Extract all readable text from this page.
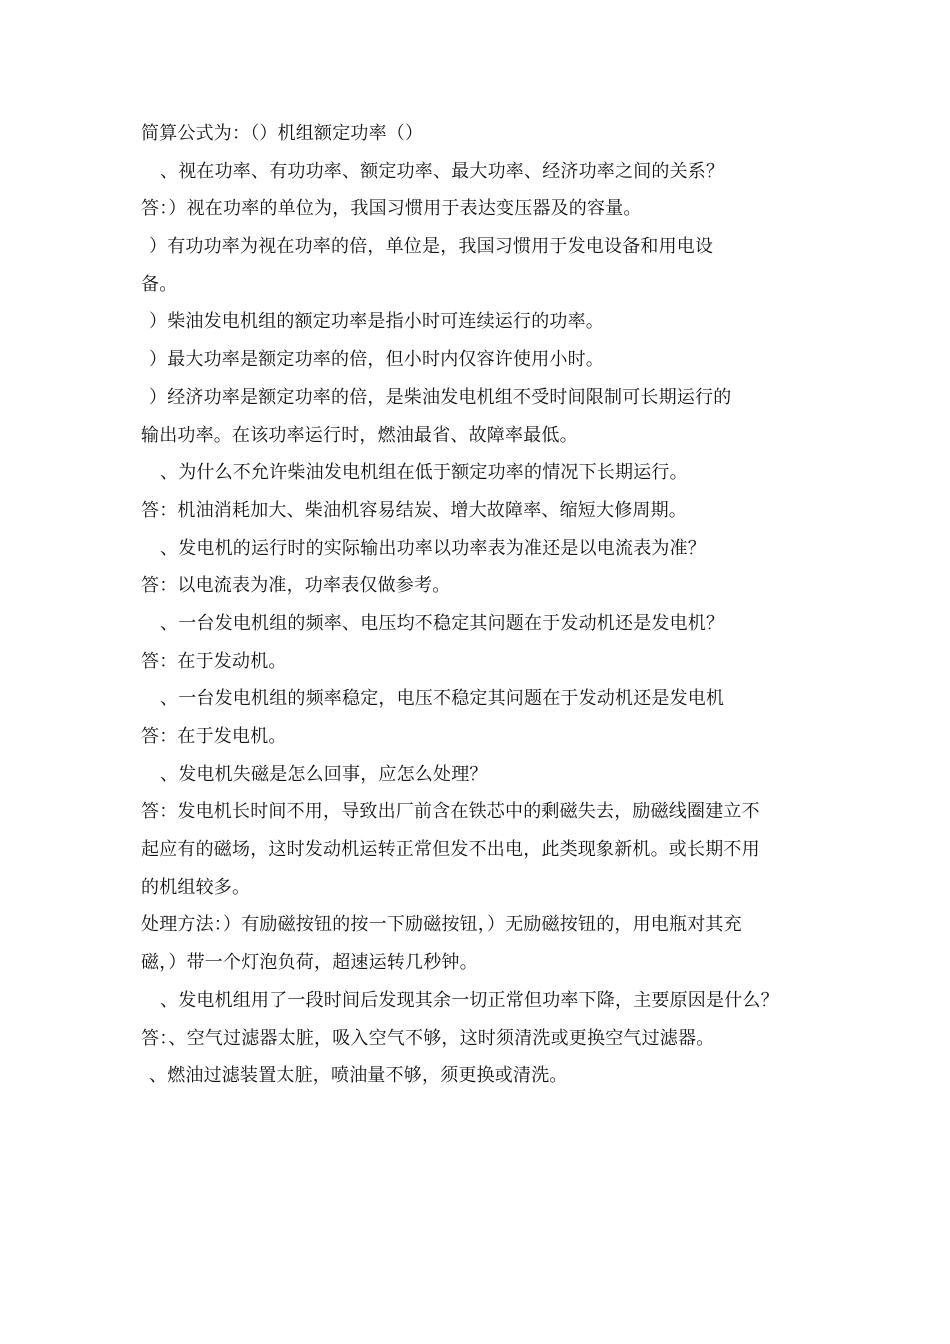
简算公式为：（）机组额定功率（）
、视在功率、有功功率、额定功率、最大功率、经济功率之间的关系？
答：）视在功率的单位为，我国习惯用于表达变压器及的容量。
）有功功率为视在功率的倍，单位是，我国习惯用于发电设备和用电设
备。
）柴油发电机组的额定功率是指小时可连续运行的功率。
）最大功率是额定功率的倍，但小时内仅容许使用小时。
）经济功率是额定功率的倍，是柴油发电机组不受时间限制可长期运行的
输出功率。在该功率运行时，燃油最省、故障率最低。
、为什么不允许柴油发电机组在低于额定功率的情况下长期运行。
答：机油消耗加大、柴油机容易结炭、增大故障率、缩短大修周期。
、发电机的运行时的实际输出功率以功率表为准还是以电流表为准？
答：以电流表为准，功率表仅做参考。
、一台发电机组的频率、电压均不稳定其问题在于发动机还是发电机？
答：在于发动机。
、一台发电机组的频率稳定，电压不稳定其问题在于发动机还是发电机
答：在于发电机。
、发电机失磁是怎么回事，应怎么处理？
答：发电机长时间不用，导致出厂前含在铁芯中的剩磁失去，励磁线圈建立不
起应有的磁场，这时发动机运转正常但发不出电，此类现象新机。或长期不用
的机组较多。
处理方法：）有励磁按钮的按一下励磁按钮，）无励磁按钮的，用电瓶对其充
磁，）带一个灯泡负荷，超速运转几秒钟。
、发电机组用了一段时间后发现其余一切正常但功率下降，主要原因是什么？
答：、空气过滤器太脏，吸入空气不够，这时须清洗或更换空气过滤器。
、燃油过滤装置太脏，喷油量不够，须更换或清洗。
